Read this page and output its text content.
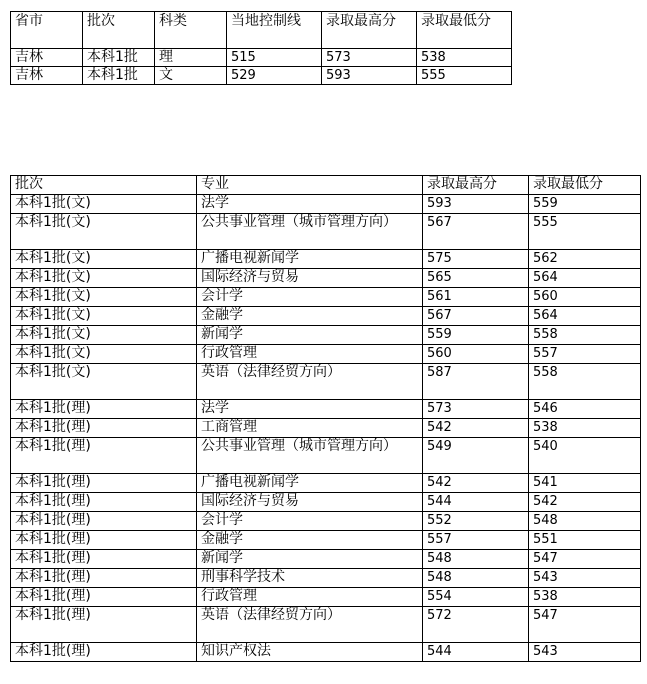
省市	批次	科类	当地控制线	录取最高分	录取最低分
吉林	本科1批	理	515	573	538
吉林	本科1批	文	529	593	555
批次	专业	录取最高分	录取最低分
本科1批(文)	法学	593	559
本科1批(文)	公共事业管理（城市管理方向）	567	555
本科1批(文)	广播电视新闻学	575	562
本科1批(文)	国际经济与贸易	565	564
本科1批(文)	会计学	561	560
本科1批(文)	金融学	567	564
本科1批(文)	新闻学	559	558
本科1批(文)	行政管理	560	557
本科1批(文)	英语（法律经贸方向）	587	558
本科1批(理)	法学	573	546
本科1批(理)	工商管理	542	538
本科1批(理)	公共事业管理（城市管理方向）	549	540
本科1批(理)	广播电视新闻学	542	541
本科1批(理)	国际经济与贸易	544	542
本科1批(理)	会计学	552	548
本科1批(理)	金融学	557	551
本科1批(理)	新闻学	548	547
本科1批(理)	刑事科学技术	548	543
本科1批(理)	行政管理	554	538
本科1批(理)	英语（法律经贸方向）	572	547
本科1批(理)	知识产权法	544	543
